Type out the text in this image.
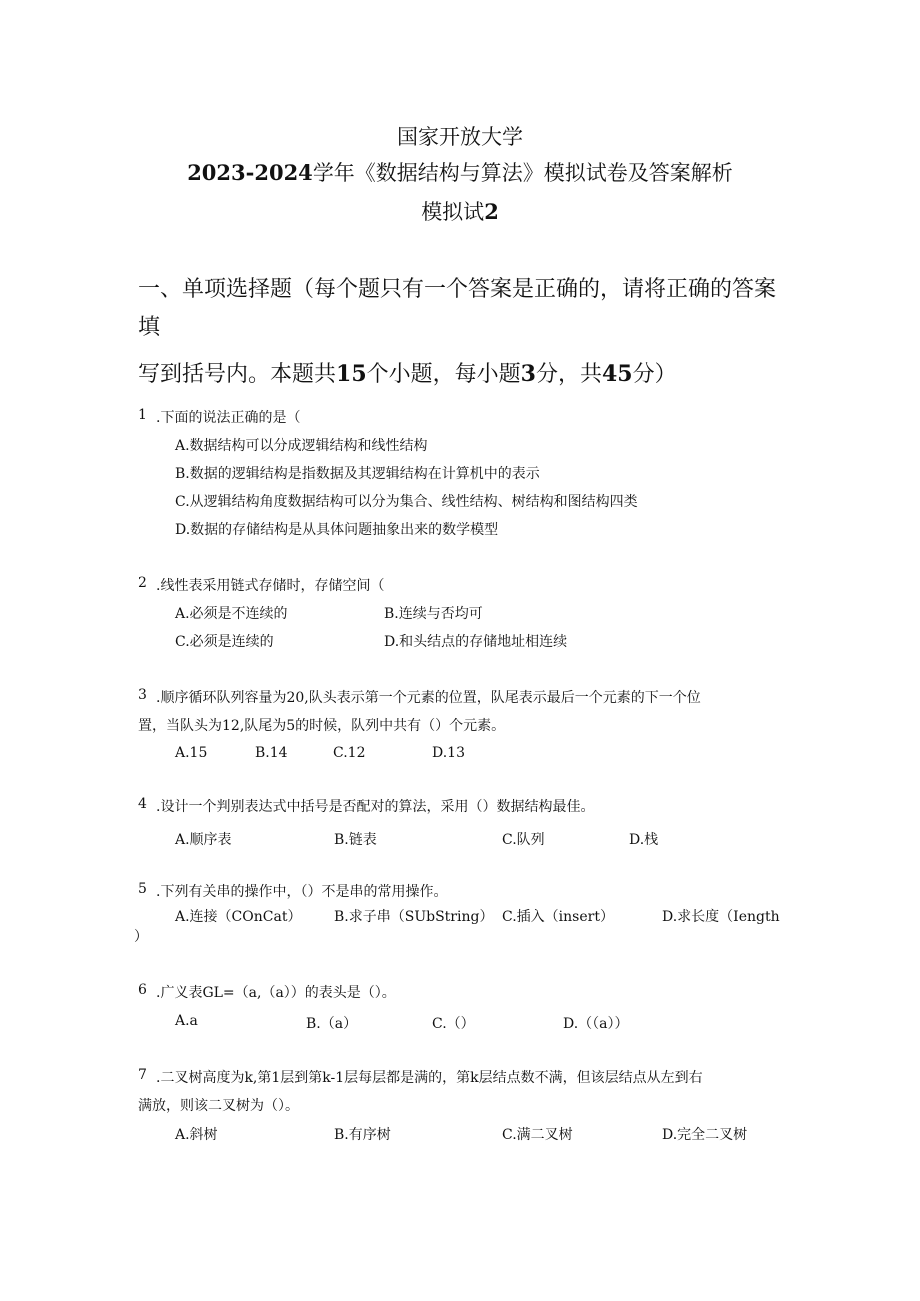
国家开放大学
2023-2024学年《数据结构与算法》模拟试卷及答案解析
模拟试2
一、单项选择题（每个题只有一个答案是正确的，请将正确的答案
填
写到括号内。本题共15个小题，每小题3分，共45分）
1 .下面的说法正确的是（
A.数据结构可以分成逻辑结构和线性结构
B.数据的逻辑结构是指数据及其逻辑结构在计算机中的表示
C.从逻辑结构角度数据结构可以分为集合、线性结构、树结构和图结构四类
D.数据的存储结构是从具体问题抽象出来的数学模型
2 .线性表采用链式存储时，存储空间（
A.必须是不连续的	B.连续与否均可
C.必须是连续的	D.和头结点的存储地址相连续
3 .顺序循环队列容量为20,队头表示第一个元素的位置，队尾表示最后一个元素的下一个位
置，当队头为12,队尾为5的时候，队列中共有（）个元素。
A.15	B.14	C.12	D.13
4 .设计一个判别表达式中括号是否配对的算法，采用（）数据结构最佳。
A.顺序表	B.链表	C.队列	D.栈
5 .下列有关串的操作中，（）不是串的常用操作。
A.连接（COnCat） B.求子串（SUbString） C.插入（insert）	D.求长度（Iength
）
6 .广义表GL=（a,（a））的表头是（）。
A.a	B.（a）	C.（）	D.（（a））
7 .二叉树高度为k,第1层到第k-1层每层都是满的，第k层结点数不满，但该层结点从左到右
满放，则该二叉树为（）。
A.斜树	B.有序树	C.满二叉树	D.完全二叉树
